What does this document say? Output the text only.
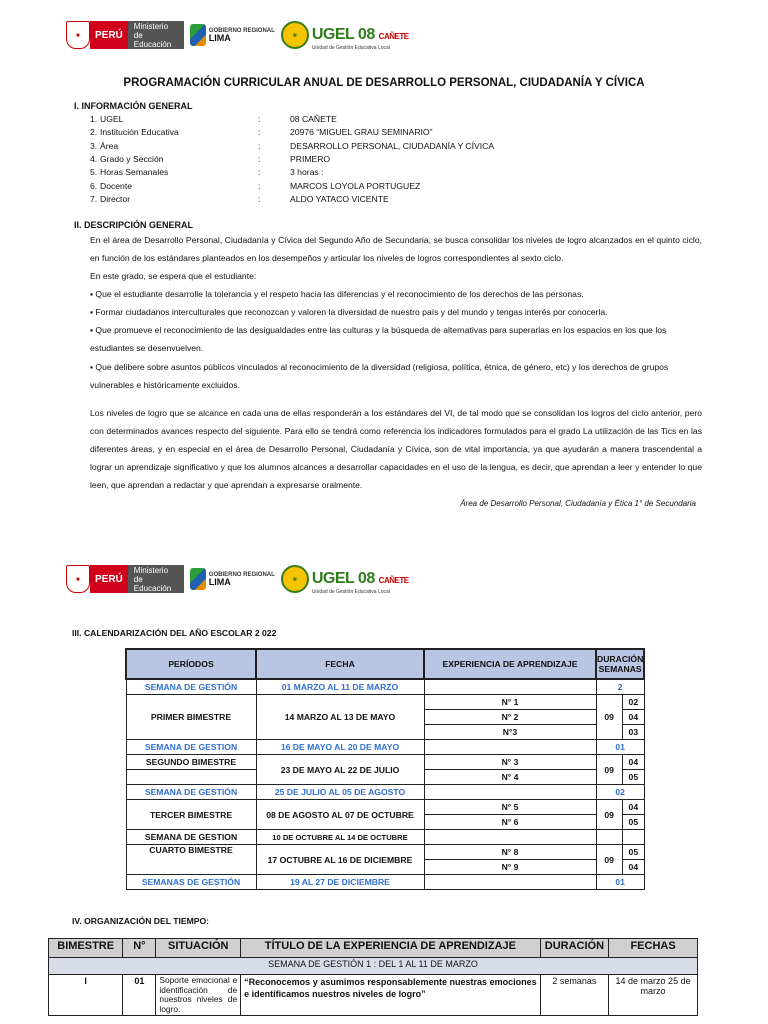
✦	PERÚ
Ministerio de Educación
GOBIERNO REGIONAL
LIMA	★ UGEL 08 CAÑETE
Unidad de Gestión Educativa Local
PROGRAMACIÓN CURRICULAR ANUAL DE DESARROLLO PERSONAL, CIUDADANÍA Y CÍVICA
I. INFORMACIÓN GENERAL
1. UGEL	:	08 CAÑETE
2. Institución Educativa	:	20976 “MIGUEL GRAU SEMINARIO”
3. Área	:	DESARROLLO PERSONAL, CIUDADANÍA Y CÍVICA
4. Grado y Sección	:	PRIMERO
5. Horas Semanales	:	3 horas :
6. Docente	:	MARCOS LOYOLA PORTUGUEZ
7. Director	:	ALDO YATACO VICENTE
II. DESCRIPCIÓN GENERAL
En el área de Desarrollo Personal, Ciudadanía y Cívica del Segundo Año de Secundaria, se busca consolidar los niveles de logro alcanzados en el quinto ciclo, en función de los estándares planteados en los desempeños y articular los niveles de logros correspondientes al sexto ciclo.
En este grado, se espera que el estudiante:
▪ Que el estudiante desarrolle la tolerancia y el respeto hacia las diferencias y el reconocimiento de los derechos de las personas.
▪ Formar ciudadanos interculturales que reconozcan y valoren la diversidad de nuestro país y del mundo y tengas interés por conocerla.
▪ Que promueve el reconocimiento de las desigualdades entre las culturas y la búsqueda de alternativas para superarlas en los espacios en los que los estudiantes se desenvuelven.
▪ Que delibere sobre asuntos públicos vinculados al reconocimiento de la diversidad (religiosa, política, étnica, de género, etc) y los derechos de grupos vulnerables e históricamente excluidos.
Los niveles de logro que se alcance en cada una de ellas responderán a los estándares del VI, de tal modo que se consolidan los logros del ciclo anterior, pero con determinados avances respecto del siguiente. Para ello se tendrá como referencia los indicadores formulados para el grado La utilización de las Tics en las diferentes áreas, y en especial en el área de Desarrollo Personal, Ciudadanía y Cívica, son de vital importancia, ya que ayudarán a manera trascendental a lograr un aprendizaje significativo y que los alumnos alcances a desarrollar capacidades en el uso de la lengua, es decir, que aprendan a leer y entender lo que leen, que aprendan a redactar y que aprendan a expresarse oralmente.
Área de Desarrollo Personal, Ciudadanía y Ética 1° de Secundaria
✦	PERÚ
Ministerio de Educación
GOBIERNO REGIONAL
LIMA	★ UGEL 08 CAÑETE
Unidad de Gestión Educativa Local
III. CALENDARIZACIÓN DEL AÑO ESCOLAR 2 022
PERÍODOS	FECHA	EXPERIENCIA DE APRENDIZAJE	DURACIÓN SEMANAS	
SEMANA DE GESTIÓN	01 MARZO AL 11 DE MARZO		2	
PRIMER BIMESTRE	14 MARZO AL 13 DE MAYO	N° 1	09	02
		N° 2		04
		N°3		03
SEMANA DE GESTION	16 DE MAYO AL 20 DE MAYO		01	
SEGUNDO BIMESTRE	23 DE MAYO AL 22 DE JULIO	N° 3	09	04
		N° 4		05
SEMANA DE GESTIÓN	25 DE JULIO AL 05 DE AGOSTO		02	
TERCER BIMESTRE	08 DE AGOSTO AL 07 DE OCTUBRE	N° 5	09	04
		N° 6		05
SEMANA DE GESTION	10 DE OCTUBRE AL 14 DE OCTUBRE			
CUARTO BIMESTRE	17 OCTUBRE AL 16 DE DICIEMBRE	N° 8	09	05
		N° 9		04
SEMANAS DE GESTIÓN	19 AL 27 DE DICIEMBRE		01	
IV. ORGANIZACIÓN DEL TIEMPO:
BIMESTRE	N°	SITUACIÓN	TÍTULO DE LA EXPERIENCIA DE APRENDIZAJE	DURACIÓN	FECHAS
SEMANA DE GESTIÓN 1 : DEL 1 AL 11 DE MARZO					
I	01	Soporte emocional e identificación de nuestros niveles de logro.	“Reconocemos y asumimos responsablemente nuestras emociones e identificamos nuestros niveles de logro”	2 semanas	14 de marzo 25 de marzo
